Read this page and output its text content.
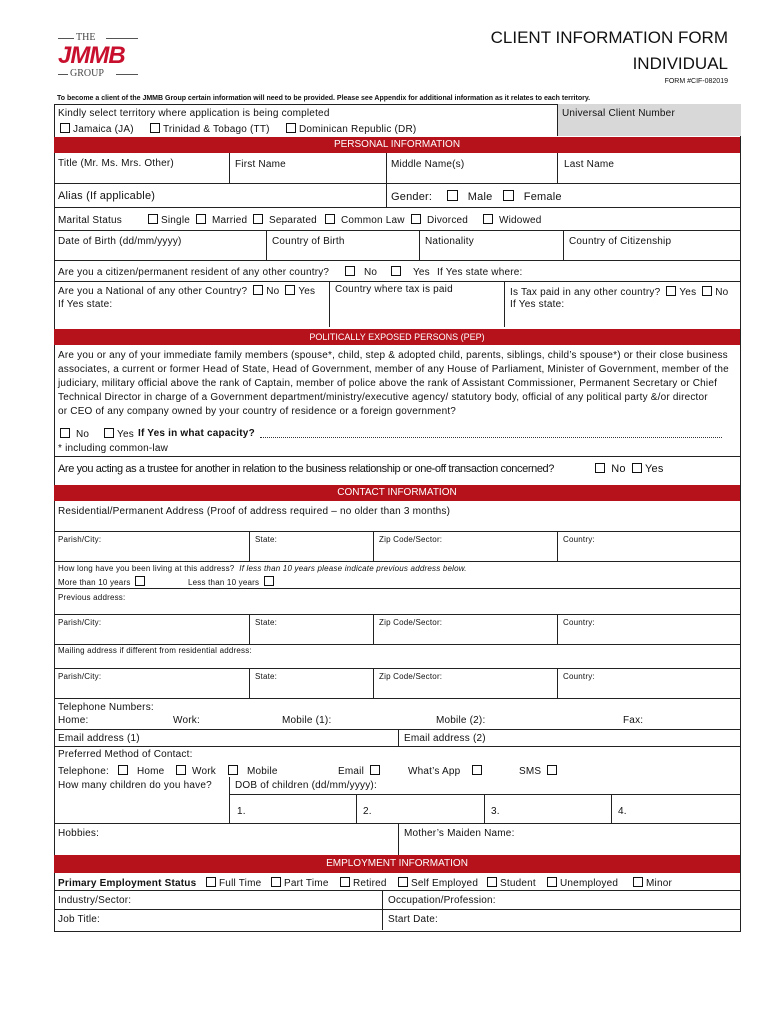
THE
JMMB
GROUP
CLIENT INFORMATION FORM
INDIVIDUAL
FORM #CIF-082019
To become a client of the JMMB Group certain information will need to be provided. Please see Appendix for additional information as it relates to each territory.
Kindly select territory where application is being completed	Universal Client Number
Jamaica (JA)	Trinidad & Tobago (TT)	Dominican Republic (DR)
PERSONAL INFORMATION
Title (Mr. Ms. Mrs. Other)	First Name	Middle Name(s)	Last Name
Alias (If applicable)	Gender:	Male	Female
Marital Status	Single	Married	Separated	Common Law	Divorced	Widowed
Date of Birth (dd/mm/yyyy)	Country of Birth	Nationality	Country of Citizenship
Are you a citizen/permanent resident of any other country?	No	Yes If Yes state where:
Are you a National of any other Country? No Yes
If Yes state:
Country where tax is paid	Is Tax paid in any other country? Yes No
If Yes state:
POLITICALLY EXPOSED PERSONS (PEP)
Are you or any of your immediate family members (spouse*, child, step & adopted child, parents, siblings, child’s spouse*) or their close business
associates, a current or former Head of State, Head of Government, member of any House of Parliament, Minister of Government, member of the
judiciary, military official above the rank of Captain, member of police above the rank of Assistant Commissioner, Permanent Secretary or Chief
Technical Director in charge of a Government department/ministry/executive agency/ statutory body, official of any political party &/or director
or CEO of any company owned by your country of residence or a foreign government?
No	Yes If Yes in what capacity?
* including common-law
Are you acting as a trustee for another in relation to the business relationship or one-off transaction concerned?	No	Yes
CONTACT INFORMATION
Residential/Permanent Address (Proof of address required – no older than 3 months)
Parish/City:	State:	Zip Code/Sector:	Country:
How long have you been living at this address? If less than 10 years please indicate previous address below.
More than 10 years	Less than 10 years
Previous address:
Parish/City:	State:	Zip Code/Sector:	Country:
Mailing address if different from residential address:
Parish/City:	State:	Zip Code/Sector:	Country:
Telephone Numbers:
Home:	Work:	Mobile (1):	Mobile (2):	Fax:
Email address (1)	Email address (2)
Preferred Method of Contact:
Telephone:	Home	Work	Mobile	Email	What’s App	SMS
How many children do you have? DOB of children (dd/mm/yyyy):
1.	2.	3.	4.
Hobbies:	Mother’s Maiden Name:
EMPLOYMENT INFORMATION
Primary Employment Status	Full Time	Part Time	Retired	Self Employed	Student	Unemployed	Minor
Industry/Sector:	Occupation/Profession:
Job Title:	Start Date:
